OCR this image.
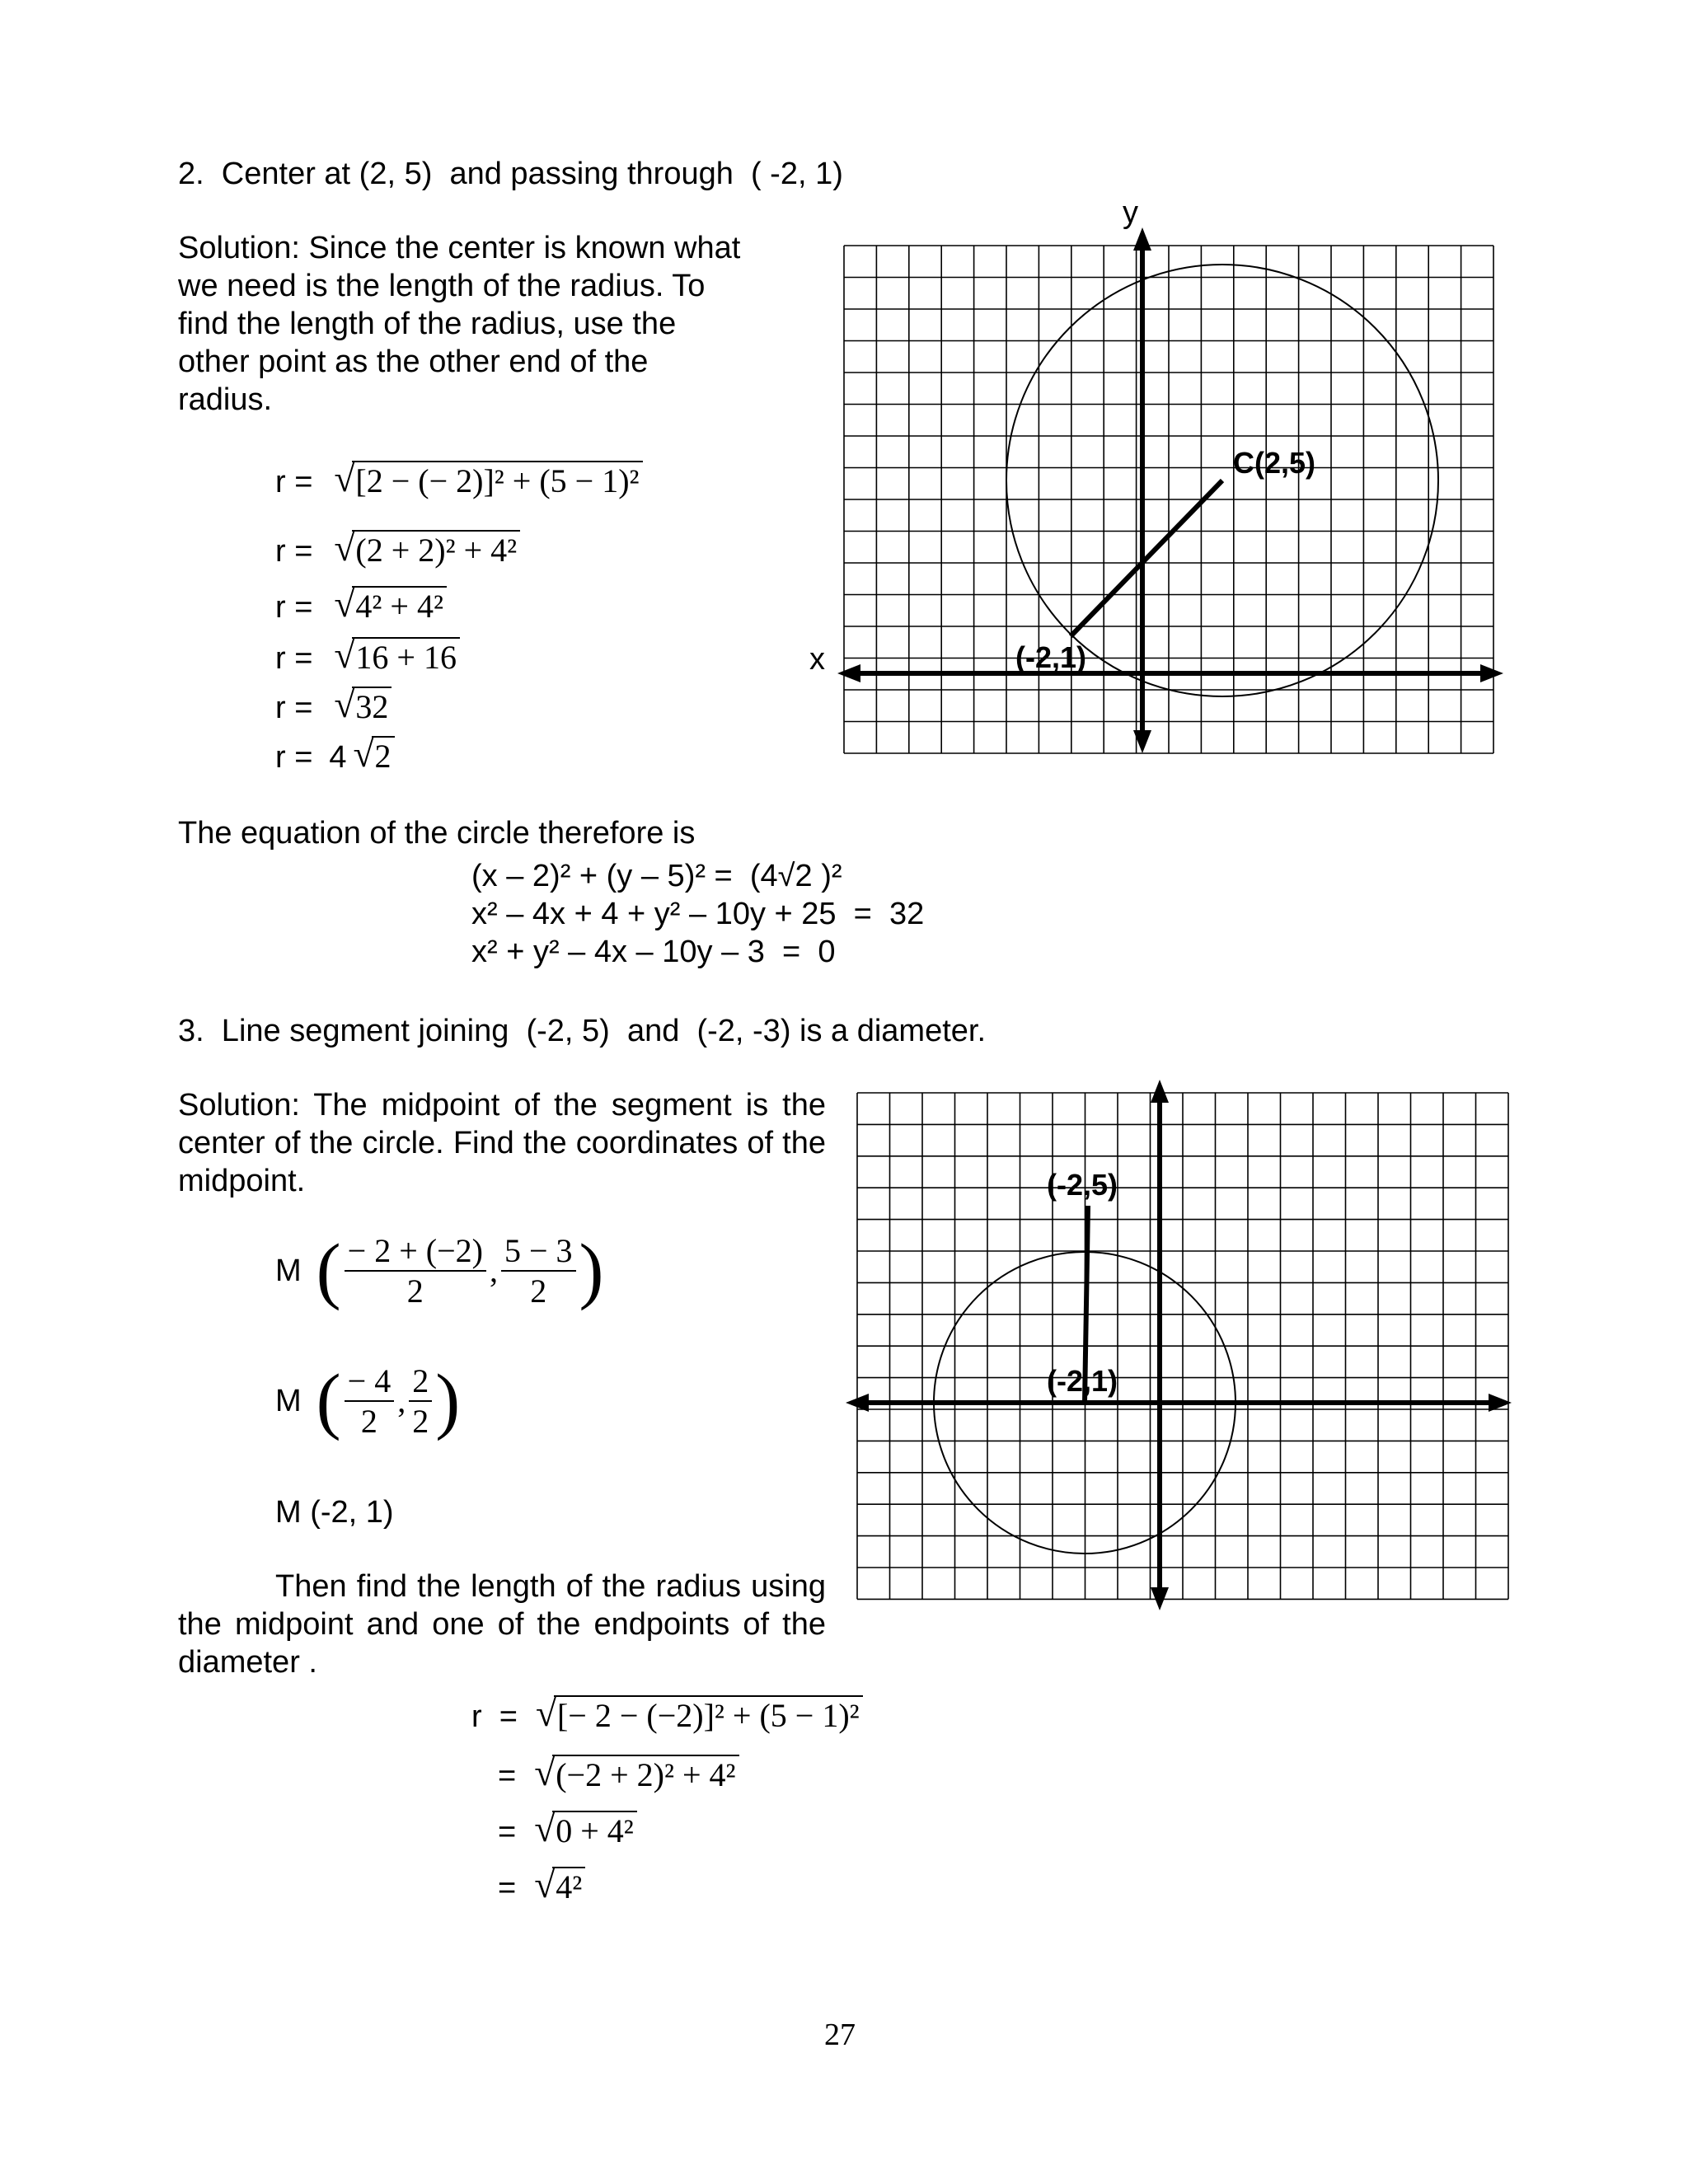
2.  Center at (2, 5)  and passing through  ( -2, 1)
Solution: Since the center is known what we need is the length of the radius. To find the length of the radius, use the other point as the other end of the radius.
r = √ [2 − (− 2)]² + (5 − 1)²
r = √ (2 + 2)² + 4²
r = √ 4² + 4²
r = √ 16 + 16
r = √ 32
r = 4 √ 2
The equation of the circle therefore is
(x – 2)² + (y – 5)² =  (4√2 )²
x² – 4x + 4 + y² – 10y + 25  =  32
x² + y² – 4x – 10y – 3  =  0
y
x
C(2,5)
(-2,1)
3.  Line segment joining  (-2, 5)  and  (-2, -3) is a diameter.
Solution: The midpoint of the segment is the center of the circle. Find the coordinates of the midpoint.
M ( $\frac{- 2 + (-2)}{2}$ , $\frac{5 - 3}{2}$ )
M ( $\frac{- 4}{2}$ , $\frac{2}{2}$ )
M (-2, 1)
Then find the length of the radius using the midpoint and one of the endpoints of the diameter .
r  = √ [− 2 − (−2)]² + (5 − 1)²
= √ (−2 + 2)² + 4²
= √ 0 + 4²
= √ 4²
(-2,5)
(-2,1)
27
